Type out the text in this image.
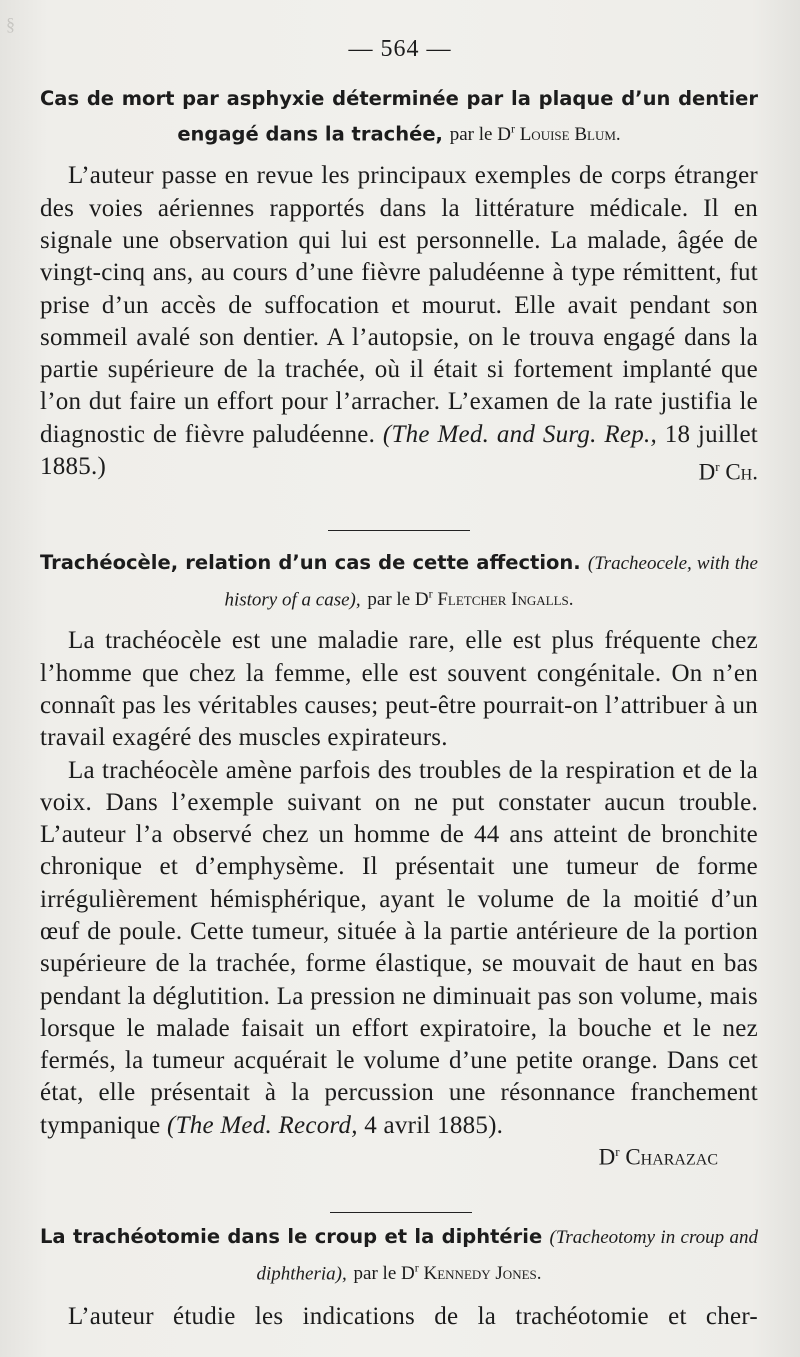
§
— 564 —
Cas de mort par asphyxie déterminée par la plaque d’un dentier engagé dans la trachée, par le $D^r$ Louise Blum.
L’auteur passe en revue les principaux exemples de corps étranger des voies aériennes rapportés dans la littérature médicale. Il en signale une observation qui lui est personnelle. La malade, âgée de vingt-cinq ans, au cours d’une fièvre paludéenne à type rémittent, fut prise d’un accès de suffocation et mourut. Elle avait pendant son sommeil avalé son dentier. A l’autopsie, on le trouva engagé dans la partie supérieure de la trachée, où il était si fortement implanté que l’on dut faire un effort pour l’arracher. L’examen de la rate justifia le diagnostic de fièvre paludéenne. (The Med. and Surg. Rep., 18 juillet 1885.)	$D^r$ Ch.
Trachéocèle, relation d’un cas de cette affection. (Tracheocele, with the history of a case), par le $D^r$ Fletcher Ingalls.
La trachéocèle est une maladie rare, elle est plus fréquente chez l’homme que chez la femme, elle est souvent congénitale. On n’en connaît pas les véritables causes; peut-être pourrait-on l’attribuer à un travail exagéré des muscles expirateurs.
La trachéocèle amène parfois des troubles de la respiration et de la voix. Dans l’exemple suivant on ne put constater aucun trouble. L’auteur l’a observé chez un homme de 44 ans atteint de bronchite chronique et d’emphysème. Il présentait une tumeur de forme irrégulièrement hémisphérique, ayant le volume de la moitié d’un œuf de poule. Cette tumeur, située à la partie antérieure de la portion supérieure de la trachée, forme élastique, se mouvait de haut en bas pendant la déglutition. La pression ne diminuait pas son volume, mais lorsque le malade faisait un effort expiratoire, la bouche et le nez fermés, la tumeur acquérait le volume d’une petite orange. Dans cet état, elle présentait à la percussion une résonnance franchement tympanique (The Med. Record, 4 avril 1885).
$D^r$ Charazac
La trachéotomie dans le croup et la diphtérie (Tracheotomy in croup and diphtheria), par le $D^r$ Kennedy Jones.
L’auteur étudie les indications de la trachéotomie et cher-
